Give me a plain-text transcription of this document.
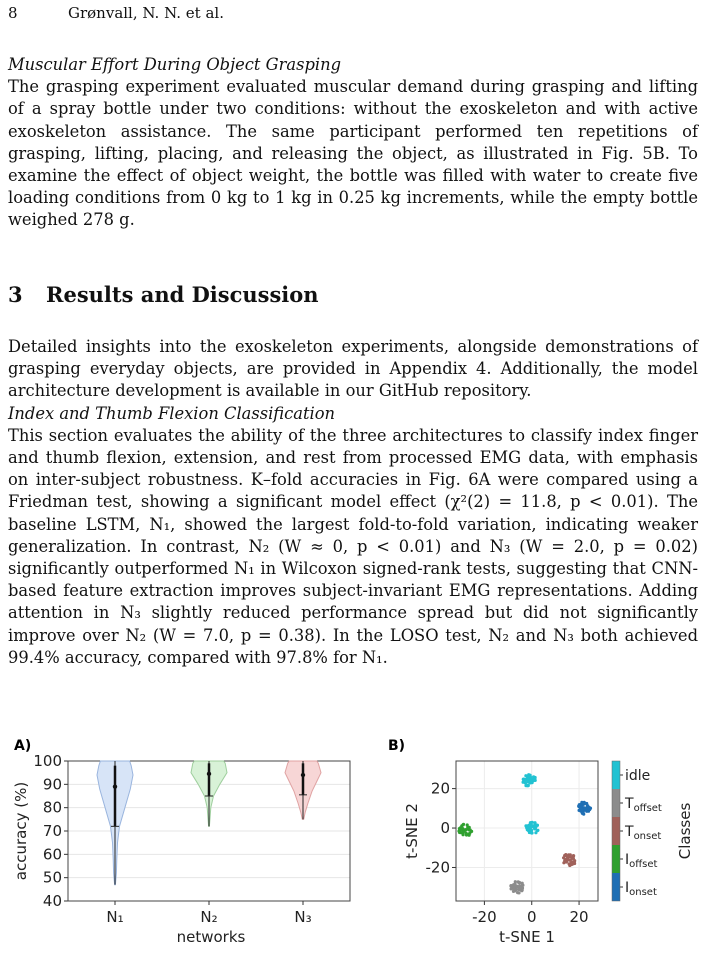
8	Grønvall, N. N. et al.

Muscular Effort During Object Grasping
The grasping experiment evaluated muscular demand during grasping and lifting of a spray bottle under two conditions: without the exoskeleton and with active exoskeleton assistance. The same participant performed ten repetitions of grasping, lifting, placing, and releasing the object, as illustrated in Fig. 5B. To examine the effect of object weight, the bottle was filled with water to create five loading conditions from 0 kg to 1 kg in 0.25 kg increments, while the empty bottle weighed 278 g.

3 Results and Discussion

Detailed insights into the exoskeleton experiments, alongside demonstrations of grasping everyday objects, are provided in Appendix 4. Additionally, the model architecture development is available in our GitHub repository.
Index and Thumb Flexion Classification
This section evaluates the ability of the three architectures to classify index finger and thumb flexion, extension, and rest from processed EMG data, with emphasis on inter-subject robustness. K–fold accuracies in Fig. 6A were compared using a Friedman test, showing a significant model effect (χ²(2) = 11.8, p < 0.01). The baseline LSTM, N₁, showed the largest fold-to-fold variation, indicating weaker generalization. In contrast, N₂ (W ≈ 0, p < 0.01) and N₃ (W = 2.0, p = 0.02) significantly outperformed N₁ in Wilcoxon signed-rank tests, suggesting that CNN-based feature extraction improves subject-invariant EMG representations. Adding attention in N₃ slightly reduced performance spread but did not significantly improve over N₂ (W = 7.0, p = 0.38). In the LOSO test, N₂ and N₃ both achieved 99.4% accuracy, compared with 97.8% for N₁.

A)
40
50
60
70
80
90
100
accuracy (%)
networks
N₁	N₂	N₃
B)
20
0
-20
-20 0 20
t-SNE 1
t-SNE 2
idle
$T_{offset}$
$T_{onset}$
$I_{offset}$
$I_{onset}$
Classes
